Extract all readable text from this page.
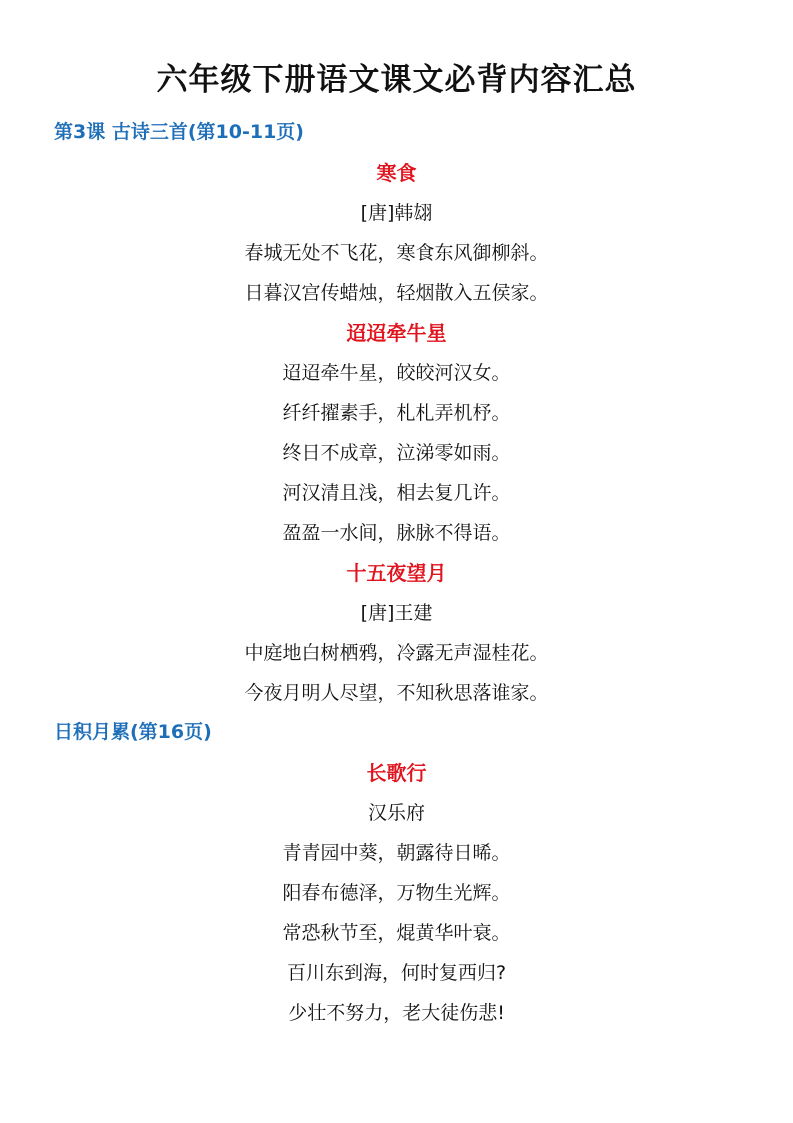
六年级下册语文课文必背内容汇总
第3课 古诗三首(第10-11页)
寒食
[唐]韩翃
春城无处不飞花，寒食东风御柳斜。
日暮汉宫传蜡烛，轻烟散入五侯家。
迢迢牵牛星
迢迢牵牛星，皎皎河汉女。
纤纤擢素手，札札弄机杼。
终日不成章，泣涕零如雨。
河汉清且浅，相去复几许。
盈盈一水间，脉脉不得语。
十五夜望月
[唐]王建
中庭地白树栖鸦，冷露无声湿桂花。
今夜月明人尽望，不知秋思落谁家。
日积月累(第16页)
长歌行
汉乐府
青青园中葵，朝露待日晞。
阳春布德泽，万物生光辉。
常恐秋节至，焜黄华叶衰。
百川东到海，何时复西归?
少壮不努力，老大徒伤悲!
